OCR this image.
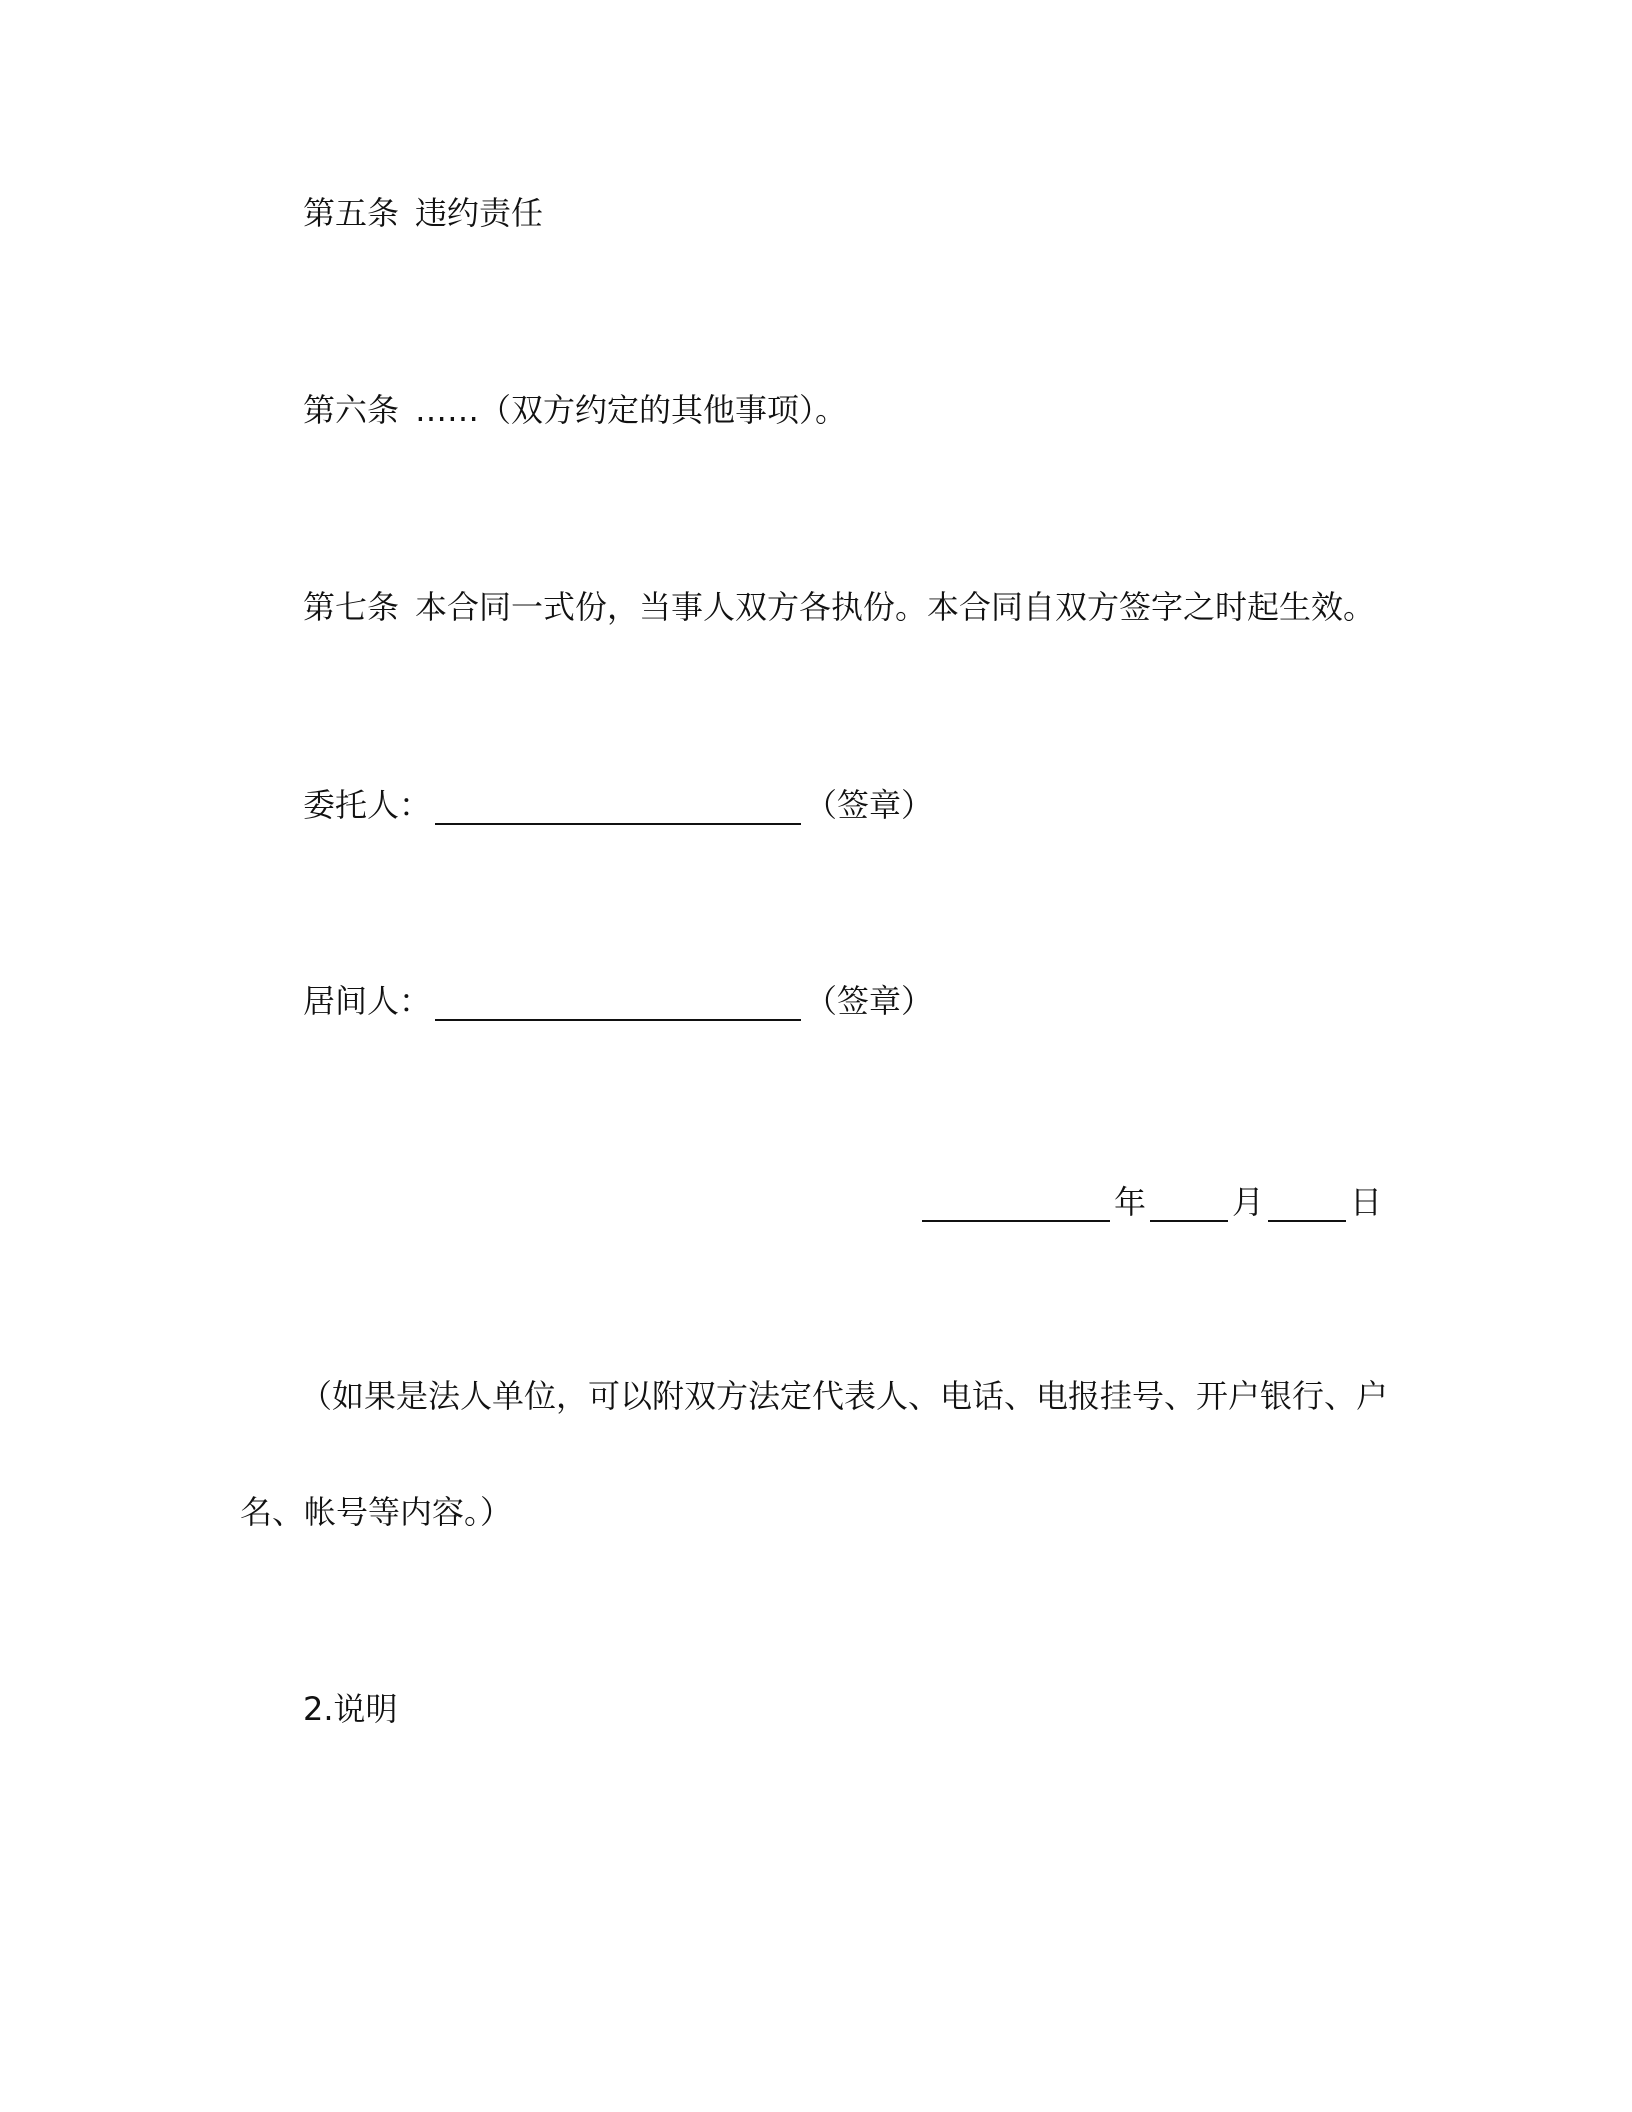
第五条 违约责任
第六条 ……（双方约定的其他事项）。
第七条 本合同一式份，当事人双方各执份。本合同自双方签字之时起生效。
委托人：	（签章）
居间人：	（签章）
年	月	日
（如果是法人单位，可以附双方法定代表人、电话、电报挂号、开户银行、户
名、帐号等内容。）
2.说明
